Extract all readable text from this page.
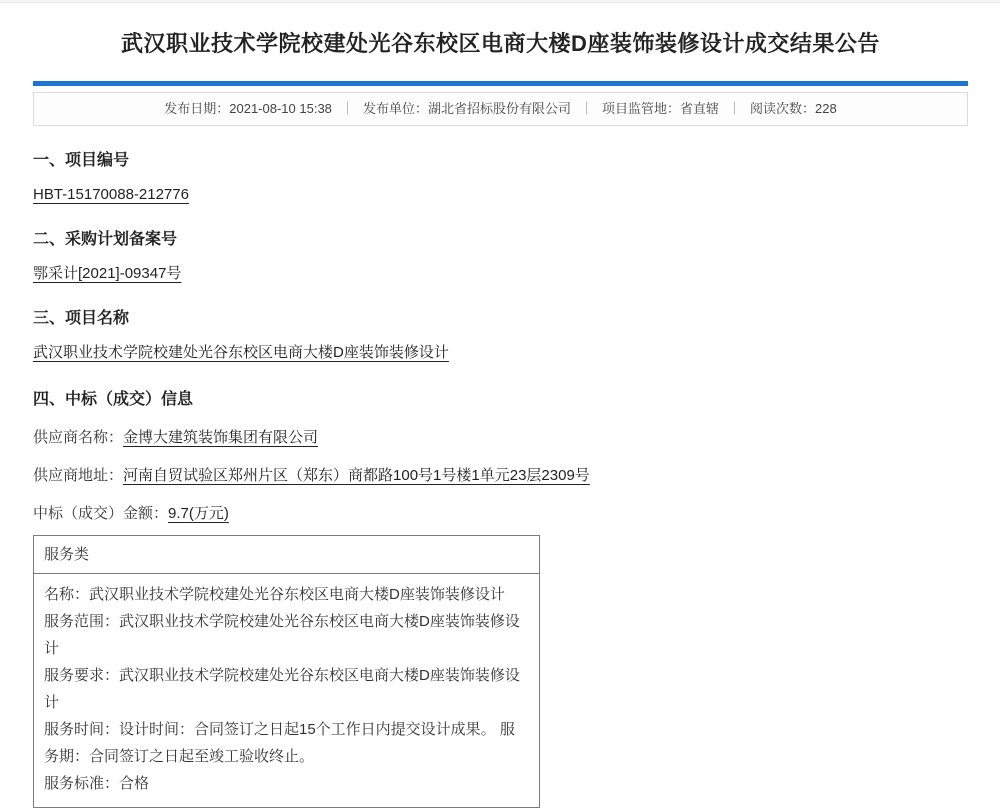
武汉职业技术学院校建处光谷东校区电商大楼D座装饰装修设计成交结果公告
发布日期：2021-08-10 15:38 ｜ 发布单位：湖北省招标股份有限公司 ｜ 项目监管地：省直辖 ｜ 阅读次数：228
一、项目编号
HBT-15170088-212776
二、采购计划备案号
鄂采计[2021]-09347号
三、项目名称
武汉职业技术学院校建处光谷东校区电商大楼D座装饰装修设计
四、中标（成交）信息
供应商名称：金博大建筑装饰集团有限公司
供应商地址：河南自贸试验区郑州片区（郑东）商都路100号1号楼1单元23层2309号
中标（成交）金额：9.7(万元)
服务类

名称：武汉职业技术学院校建处光谷东校区电商大楼D座装饰装修设计

服务范围：武汉职业技术学院校建处光谷东校区电商大楼D座装饰装修设计

服务要求：武汉职业技术学院校建处光谷东校区电商大楼D座装饰装修设计

服务时间：设计时间：合同签订之日起15个工作日内提交设计成果。 服务期：合同签订之日起至竣工验收终止。

服务标准：合格
